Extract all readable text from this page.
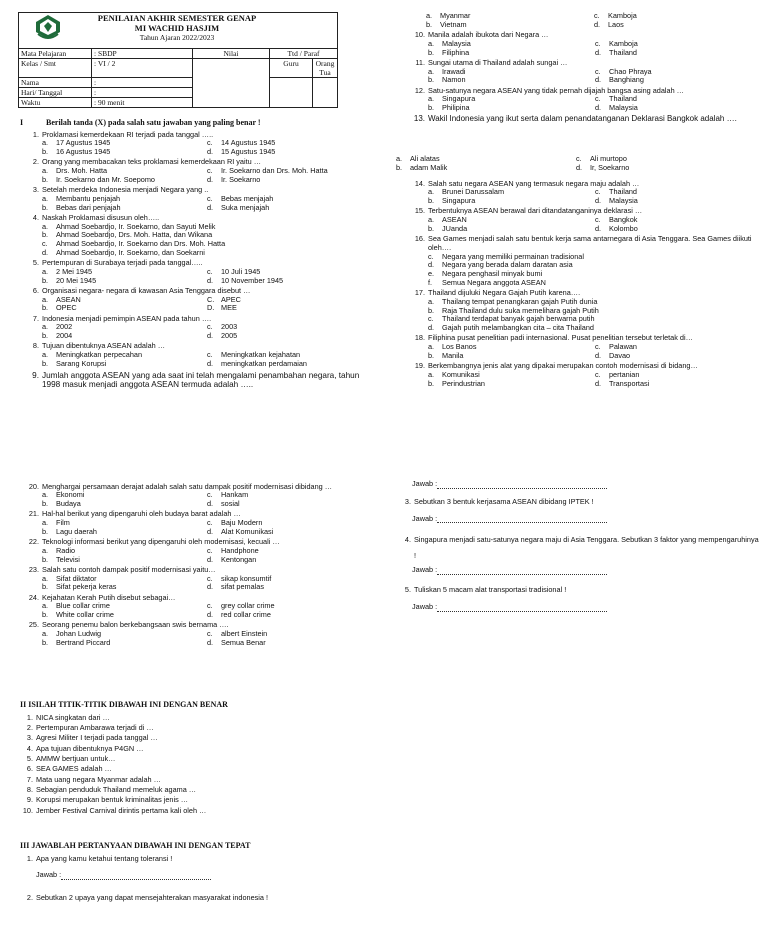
PENILAIAN AKHIR SEMESTER GENAP
MI WACHID HASJIM
Tahun Ajaran 2022/2023
Mata Pelajaran	: SBDP	Nilai	Ttd / Paraf	
Kelas / Smt	: VI / 2		Guru	Orang Tua
Nama	:			
Hari/ Tanggal	:			
Waktu	: 90 menit			
I	Berilah tanda (X) pada salah satu jawaban yang paling benar !
1. Proklamasi kemerdekaan RI terjadi pada tanggal …..
a.	17 Agustus 1945	c.	14 Agustus 1945
b.	16 Agustus 1945	d.	15 Agustus 1945
2. Orang yang membacakan teks proklamasi kemerdekaan RI yaitu …
a.	Drs. Moh. Hatta	c.	Ir. Soekarno dan Drs. Moh. Hatta
b.	Ir. Soekarno dan Mr. Soepomo	d.	Ir. Soekarno
3. Setelah merdeka Indonesia menjadi Negara yang ..
a.	Membantu penjajah	c.	Bebas menjajah
b.	Bebas dari penjajah	d.	Suka menjajah
4. Naskah Proklamasi disusun oleh…..
a.	Ahmad Soebardjo, Ir. Soekarno, dan Sayuti Melik
b.	Ahmad Soebardjo, Drs. Moh. Hatta, dan Wikana
c.	Ahmad Soebardjo, Ir. Soekarno dan Drs. Moh. Hatta
d.	Ahmad Soebardjo, Ir. Soekarno, dan Soekarni
5. Pertempuran di Surabaya terjadi pada tanggal…..
a.	2 Mei 1945	c.	10 Juli 1945
b.	20 Mei 1945	d.	10 November 1945
6. Organisasi negara- negara di kawasan Asia Tenggara disebut …
a.	ASEAN	C. APEC
b.	OPEC	D. MEE
7. Indonesia menjadi pemimpin ASEAN pada tahun ….
a.	2002	c.	2003
b.	2004	d.	2005
8. Tujuan dibentuknya ASEAN adalah …
a.	Meningkatkan perpecahan	c.	Meningkatkan kejahatan
b.	Sarang Korupsi	d.	meningkatkan perdamaian
9. Jumlah anggota ASEAN yang ada saat ini telah mengalami penambahan negara, tahun 1998 masuk menjadi anggota ASEAN termuda adalah …..
a.	Myanmar	c.	Kamboja
b.	Vietnam	d.	Laos
10. Manila adalah ibukota dari Negara …
a.	Malaysia	c.	Kamboja
b.	Filiphina	d.	Thailand
11. Sungai utama di Thailand adalah sungai …
a.	Irawadi	c.	Chao Phraya
b.	Namon	d.	Banghiang
12. Satu-satunya negara ASEAN yang tidak pernah dijajah bangsa asing adalah …
a.	Singapura	c.	Thailand
b.	Philipina	d.	Malaysia
13. Wakil Indonesia yang ikut serta dalam penandatanganan Deklarasi Bangkok adalah ….
a.	Ali alatas	c.	Ali murtopo
b.	adam Malik	d.	Ir, Soekarno
14. Salah satu negara ASEAN yang termasuk negara maju adalah …
a.	Brunei Darussalam	c.	Thailand
b.	Singapura	d.	Malaysia
15. Terbentuknya ASEAN berawal dari ditandatanganinya deklarasi …
a.	ASEAN	c.	Bangkok
b.	JUanda	d.	Kolombo
16. Sea Games menjadi salah satu bentuk kerja sama antarnegara di Asia Tenggara. Sea Games diikuti oleh….
c.	Negara yang memiliki permainan tradisional
d.	Negara yang berada dalam daratan asia
e.	Negara penghasil minyak bumi
f.	Semua Negara anggota ASEAN
17. Thailand dijuluki Negara Gajah Putih karena….
a.	Thailang tempat penangkaran gajah Putih dunia
b.	Raja Thailand dulu suka memelihara gajah Putih
c.	Thailand terdapat banyak gajah berwarna putih
d.	Gajah putih melambangkan cita – cita Thailand
18. Filiphina pusat penelitian padi internasional. Pusat penelitian tersebut terletak di…
a.	Los Banos	c.	Palawan
b.	Manila	d.	Davao
19. Berkembangnya jenis alat yang dipakai merupakan contoh modernisasi di bidang…
a.	Komunikasi	c.	pertanian
b.	Perindustrian	d.	Transportasi
20. Menghargai persamaan derajat adalah salah satu dampak positif modernisasi dibidang …
a.	Ekonomi	c.	Hankam
b.	Budaya	d.	sosial
21. Hal-hal berikut yang dipengaruhi oleh budaya barat adalah …
a.	Film	c.	Baju Modern
b.	Lagu daerah	d.	Alat Komunikasi
22. Teknologi informasi berikut yang dipengaruhi oleh modernisasi, kecuali …
a.	Radio	c.	Handphone
b.	Televisi	d.	Kentongan
23. Salah satu contoh dampak positif modernisasi yaitu…
a.	Sifat diktator	c.	sikap konsumtif
b.	Sifat pekerja keras	d.	sifat pemalas
24. Kejahatan Kerah Putih disebut sebagai…
a.	Blue collar crime	c.	grey collar crime
b.	White collar crime	d.	red collar crime
25. Seorang penemu balon berkebangsaan swis bernama ….
a.	Johan Ludwig	c.	albert Einstein
b.	Bertrand Piccard	d.	Semua Benar
II ISILAH TITIK-TITIK DIBAWAH INI DENGAN BENAR
1. NICA singkatan dari …
2. Pertempuran Ambarawa terjadi di …
3. Agresi Militer I terjadi pada tanggal …
4. Apa tujuan dibentuknya P4GN …
5. AMMW bertjuan untuk…
6. SEA GAMES adalah …
7. Mata uang negara Myanmar adalah …
8. Sebagian penduduk Thailand memeluk agama …
9. Korupsi merupakan bentuk kriminalitas jenis …
10. Jember Festival Carnival dirintis pertama kali oleh …
III JAWABLAH PERTANYAAN DIBAWAH INI DENGAN TEPAT
1. Apa yang kamu ketahui tentang toleransi !
Jawab :
2. Sebutkan 2 upaya yang dapat mensejahterakan masyarakat indonesia !
Jawab :
3. Sebutkan 3 bentuk kerjasama ASEAN dibidang IPTEK !
Jawab :
4. Singapura menjadi satu-satunya negara maju di Asia Tenggara. Sebutkan 3 faktor yang mempengaruhinya !
Jawab :
5. Tuliskan 5 macam alat transportasi tradisional !
Jawab :
